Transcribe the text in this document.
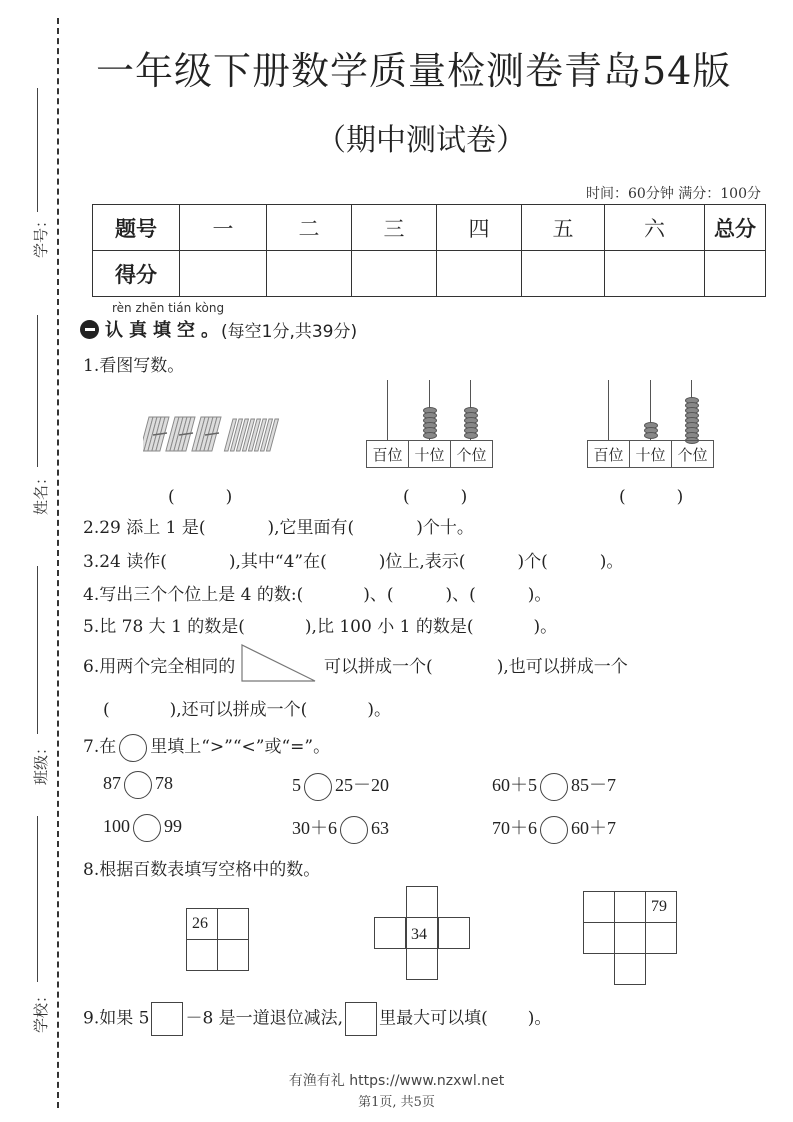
学号：
姓名：
班级：
学校：
一年级下册数学质量检测卷青岛54版
（期中测试卷）
时间：60分钟 满分：100分
题号	一	二	三	四	五	六	总分
得分							
rèn zhēn tián kòng
认真填空 。 (每空1分,共39分)
1.看图写数。
百位 十位 个位	百位 十位 个位
(　　　)	(　　　)	(　　　)
2.29 添上 1 是(	),它里面有(	)个十。
3.24 读作(	),其中“4”在(	)位上,表示(	)个(	)。
4.写出三个个位上是 4 的数:(	)、(	)、(	)。
5.比 78 大 1 的数是(	),比 100 小 1 的数是(	)。
6.用两个完全相同的	可以拼成一个(	),也可以拼成一个
(	),还可以拼成一个(	)。
7.在 里填上“>”“<”或“=”。
87 78	5 25－20	60＋5 85－7
100 99	30＋6 63	70＋6 60＋7
8.根据百数表填写空格中的数。
26
34
79
9.如果 5 －8 是一道退位减法, 里最大可以填( )。
有渔有礼 https://www.nzxwl.net
第1页, 共5页
